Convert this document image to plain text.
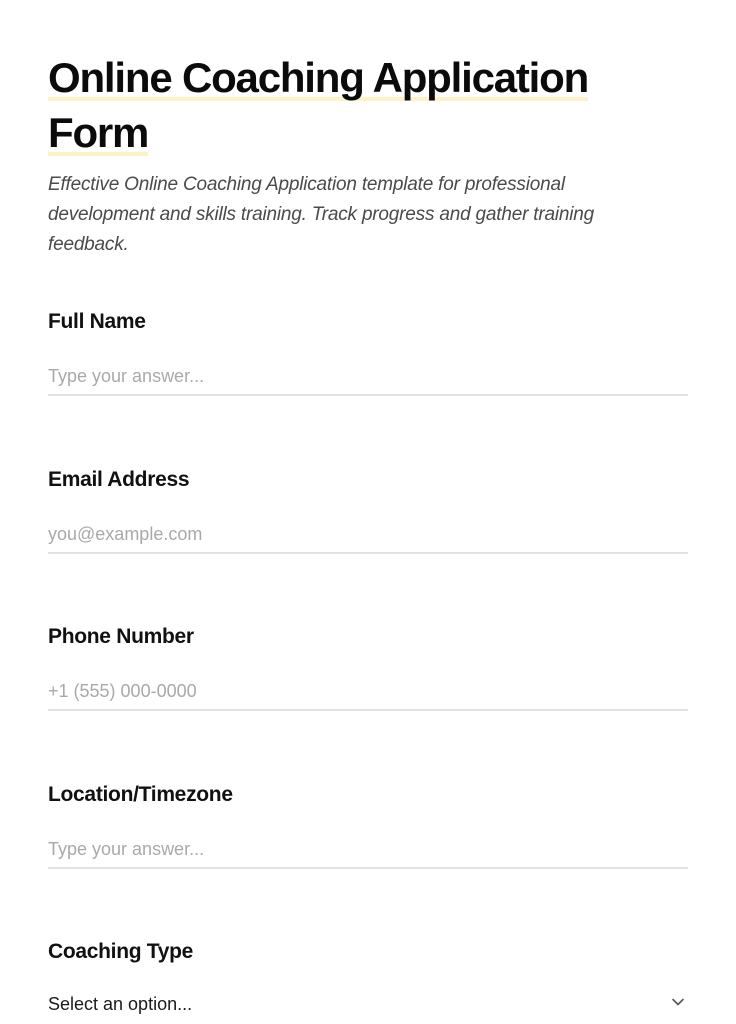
Online Coaching Application
Form

Effective Online Coaching Application template for professional development and skills training. Track progress and gather training feedback.

Full Name
Type your answer...
Email Address
you@example.com
Phone Number
+1 (555) 000-0000
Location/Timezone
Type your answer...
Coaching Type
Select an option...
